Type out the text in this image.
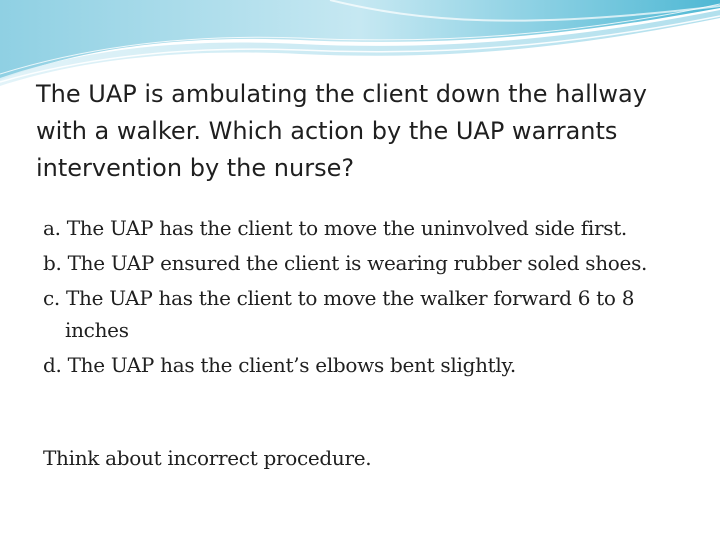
The UAP is ambulating the client down the hallway with a walker. Which action by the UAP warrants intervention by the nurse?

a. The UAP has the client to move the uninvolved side first.

b. The UAP ensured the client is wearing rubber soled shoes.

c. The UAP has the client to move the walker forward 6 to 8 inches

d. The UAP has the client’s elbows bent slightly.

Think about incorrect procedure.
